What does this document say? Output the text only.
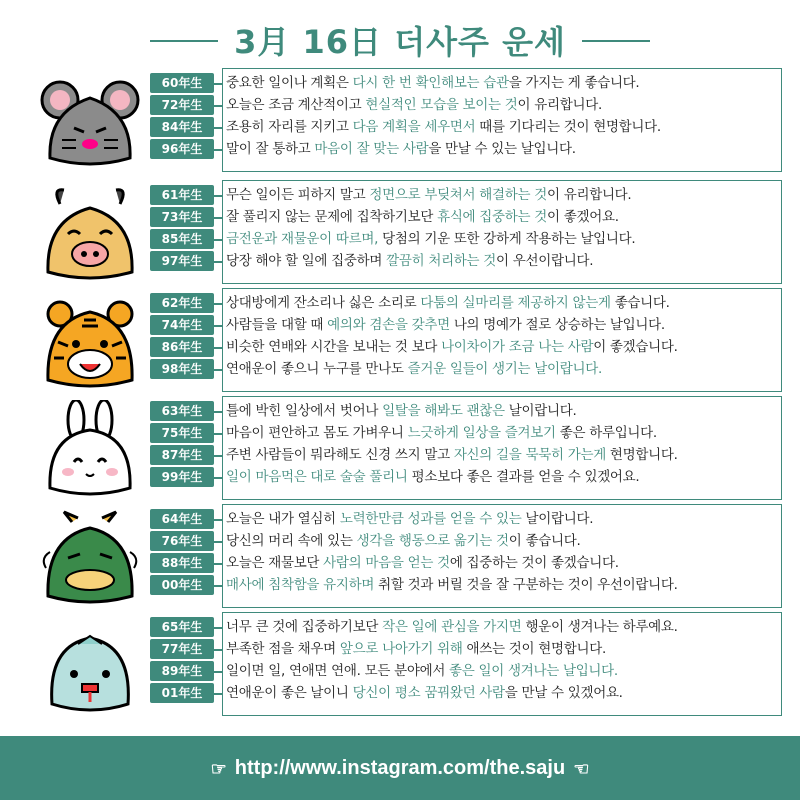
3月 16日 더사주 운세
60年生	중요한 일이나 계획은 다시 한 번 확인해보는 습관을 가지는 게 좋습니다.
72年生	오늘은 조금 계산적이고 현실적인 모습을 보이는 것이 유리합니다.
84年生	조용히 자리를 지키고 다음 계획을 세우면서 때를 기다리는 것이 현명합니다.
96年生	말이 잘 통하고 마음이 잘 맞는 사람을 만날 수 있는 날입니다.
61年生	무슨 일이든 피하지 말고 정면으로 부딪쳐서 해결하는 것이 유리합니다.
73年生	잘 풀리지 않는 문제에 집착하기보단 휴식에 집중하는 것이 좋겠어요.
85年生	금전운과 재물운이 따르며, 당첨의 기운 또한 강하게 작용하는 날입니다.
97年生	당장 해야 할 일에 집중하며 깔끔히 처리하는 것이 우선이랍니다.
62年生	상대방에게 잔소리나 싫은 소리로 다툼의 실마리를 제공하지 않는게 좋습니다.
74年生	사람들을 대할 때 예의와 겸손을 갖추면 나의 명예가 절로 상승하는 날입니다.
86年生	비슷한 연배와 시간을 보내는 것 보다 나이차이가 조금 나는 사람이 좋겠습니다.
98年生	연애운이 좋으니 누구를 만나도 즐거운 일들이 생기는 날이랍니다.
63年生	틀에 박힌 일상에서 벗어나 일탈을 해봐도 괜찮은 날이랍니다.
75年生	마음이 편안하고 몸도 가벼우니 느긋하게 일상을 즐겨보기 좋은 하루입니다.
87年生	주변 사람들이 뭐라해도 신경 쓰지 말고 자신의 길을 묵묵히 가는게 현명합니다.
99年生	일이 마음먹은 대로 술술 풀리니 평소보다 좋은 결과를 얻을 수 있겠어요.
64年生	오늘은 내가 열심히 노력한만큼 성과를 얻을 수 있는 날이랍니다.
76年生	당신의 머리 속에 있는 생각을 행동으로 옮기는 것이 좋습니다.
88年生	오늘은 재물보단 사람의 마음을 얻는 것에 집중하는 것이 좋겠습니다.
00年生	매사에 침착함을 유지하며 취할 것과 버릴 것을 잘 구분하는 것이 우선이랍니다.
65年生	너무 큰 것에 집중하기보단 작은 일에 관심을 가지면 행운이 생겨나는 하루예요.
77年生	부족한 점을 채우며 앞으로 나아가기 위해 애쓰는 것이 현명합니다.
89年生	일이면 일, 연애면 연애. 모든 분야에서 좋은 일이 생겨나는 날입니다.
01年生	연애운이 좋은 날이니 당신이 평소 꿈꿔왔던 사람을 만날 수 있겠어요.
☞ http://www.instagram.com/the.saju ☜
